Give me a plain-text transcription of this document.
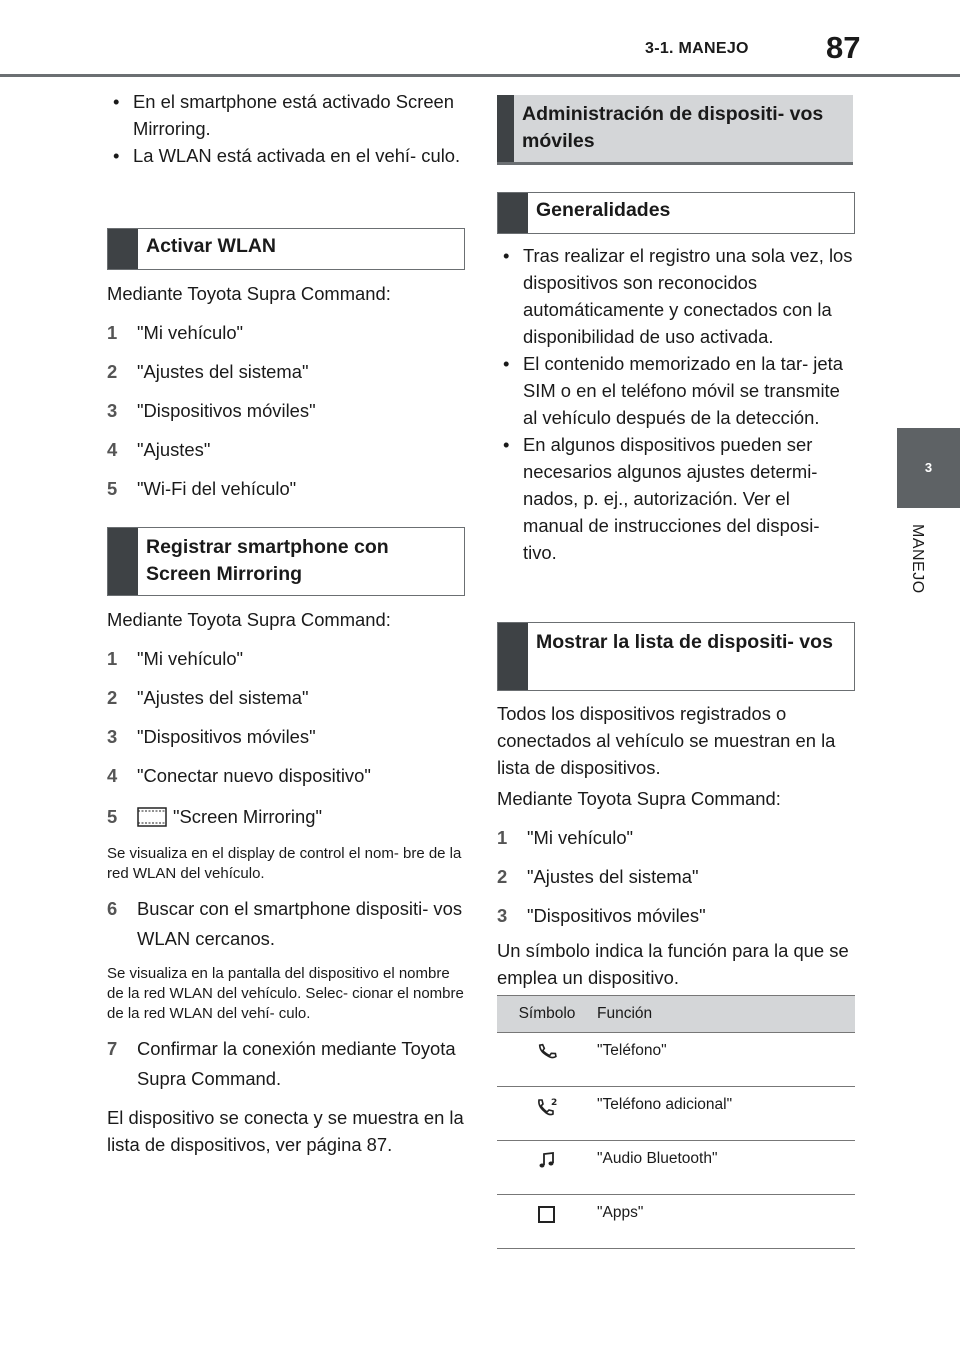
3-1. MANEJO 87
3
MANEJO
• En el smartphone está activado Screen Mirroring.
• La WLAN está activada en el vehí- culo.
Activar WLAN

Mediante Toyota Supra Command:

1	"Mi vehículo"
2	"Ajustes del sistema"
3	"Dispositivos móviles"
4	"Ajustes"
5	"Wi-Fi del vehículo"
Registrar smartphone con Screen Mirroring

Mediante Toyota Supra Command:

1	"Mi vehículo"
2	"Ajustes del sistema"
3	"Dispositivos móviles"
4	"Conectar nuevo dispositivo"
5	"Screen Mirroring"

Se visualiza en el display de control el nom- bre de la red WLAN del vehículo.

6	Buscar con el smartphone dispositi- vos WLAN cercanos.

Se visualiza en la pantalla del dispositivo el nombre de la red WLAN del vehículo. Selec- cionar el nombre de la red WLAN del vehí- culo.

7	Confirmar la conexión mediante Toyota Supra Command.

El dispositivo se conecta y se muestra en la lista de dispositivos, ver página 87.

Administración de dispositi- vos móviles
Generalidades
• Tras realizar el registro una sola vez, los dispositivos son reconocidos automáticamente y conectados con la disponibilidad de uso activada.
• El contenido memorizado en la tar- jeta SIM o en el teléfono móvil se transmite al vehículo después de la detección.
• En algunos dispositivos pueden ser necesarios algunos ajustes determi- nados, p. ej., autorización. Ver el manual de instrucciones del disposi- tivo.
Mostrar la lista de dispositi- vos

Todos los dispositivos registrados o conectados al vehículo se muestran en la lista de dispositivos.

Mediante Toyota Supra Command:

1	"Mi vehículo"
2	"Ajustes del sistema"
3	"Dispositivos móviles"

Un símbolo indica la función para la que se emplea un dispositivo.

Símbolo	Función
	"Teléfono"

2	"Teléfono adicional"
	"Audio Bluetooth"
	"Apps"
